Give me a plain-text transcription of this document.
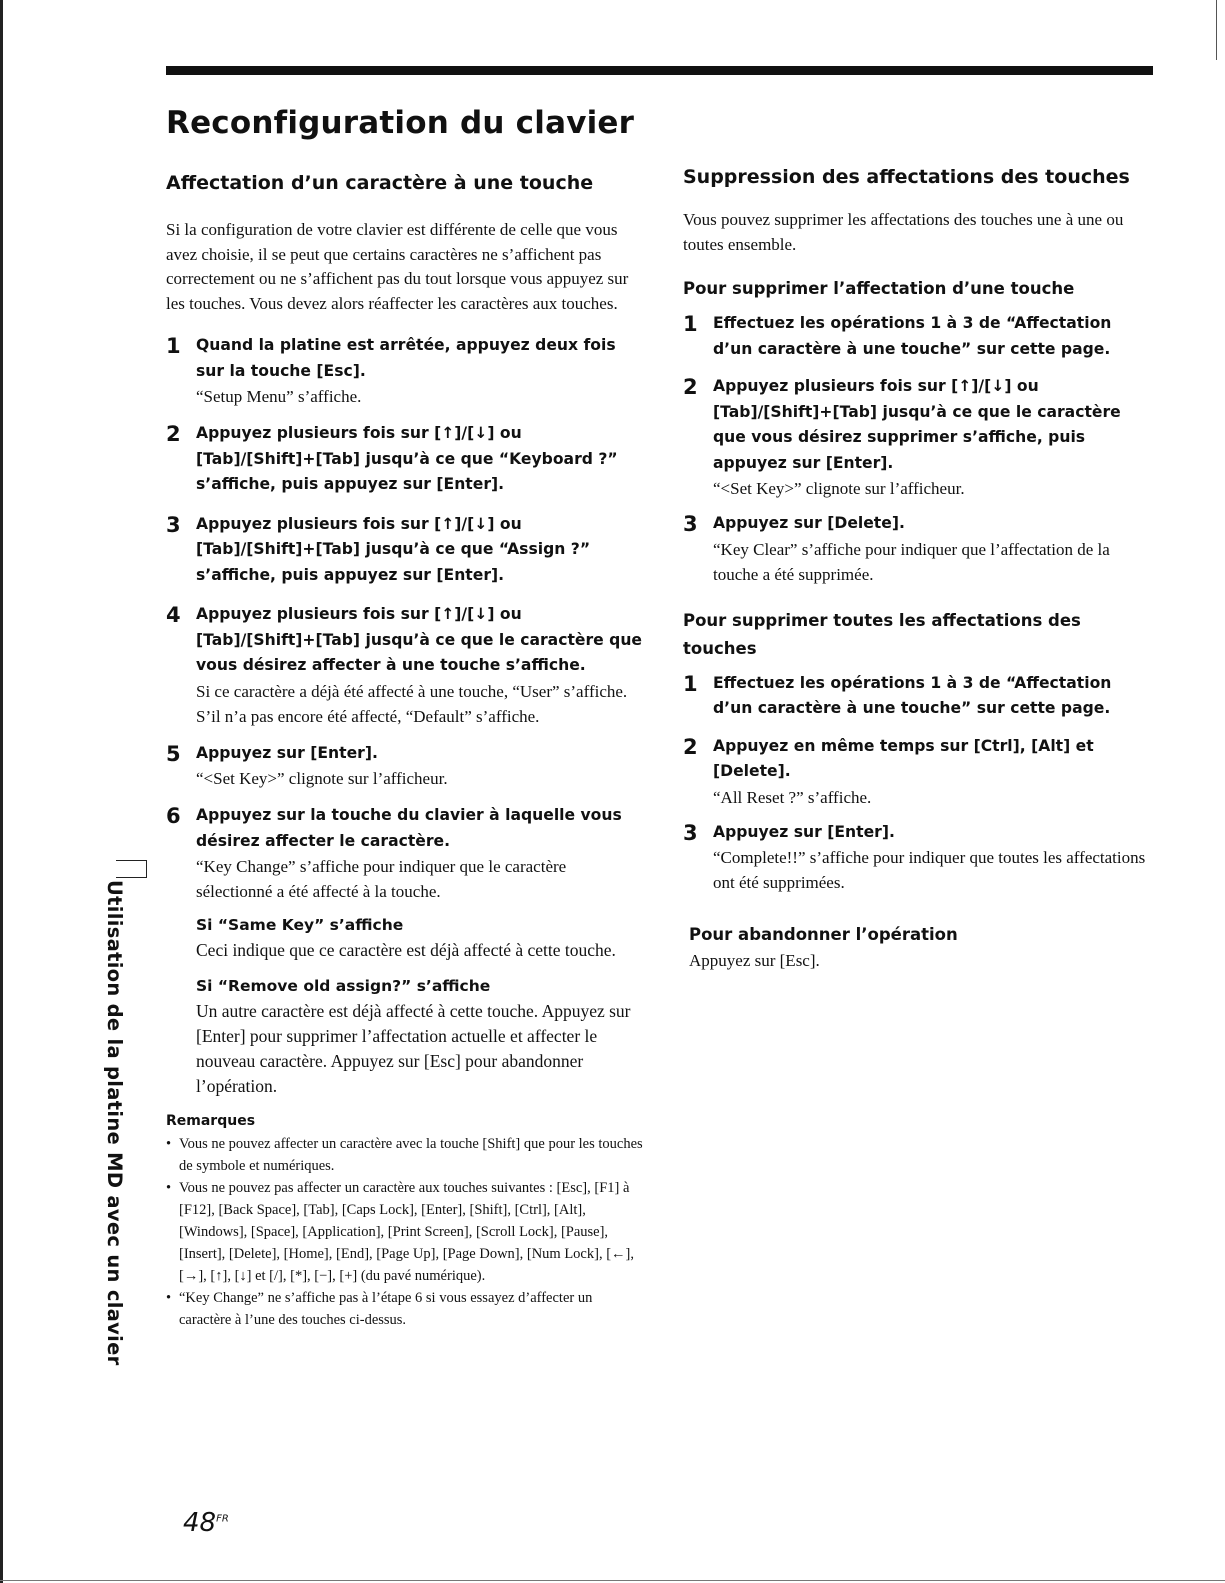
Reconfiguration du clavier
Affectation d’un caractère à une touche

Si la configuration de votre clavier est différente de celle que vous avez choisie, il se peut que certains caractères ne s’affichent pas correctement ou ne s’affichent pas du tout lorsque vous appuyez sur les touches. Vous devez alors réaffecter les caractères aux touches.

1 Quand la platine est arrêtée, appuyez deux fois sur la touche [Esc].

“Setup Menu” s’affiche.

2 Appuyez plusieurs fois sur [↑]/[↓] ou [Tab]/[Shift]+[Tab] jusqu’à ce que “Keyboard ?” s’affiche, puis appuyez sur [Enter].

3 Appuyez plusieurs fois sur [↑]/[↓] ou [Tab]/[Shift]+[Tab] jusqu’à ce que “Assign ?” s’affiche, puis appuyez sur [Enter].

4 Appuyez plusieurs fois sur [↑]/[↓] ou [Tab]/[Shift]+[Tab] jusqu’à ce que le caractère que vous désirez affecter à une touche s’affiche.

Si ce caractère a déjà été affecté à une touche, “User” s’affiche. S’il n’a pas encore été affecté, “Default” s’affiche.

5 Appuyez sur [Enter].

“<Set Key>” clignote sur l’afficheur.

6 Appuyez sur la touche du clavier à laquelle vous désirez affecter le caractère.

“Key Change” s’affiche pour indiquer que le caractère sélectionné a été affecté à la touche.

Si “Same Key” s’affiche

Ceci indique que ce caractère est déjà affecté à cette touche.

Si “Remove old assign?” s’affiche

Un autre caractère est déjà affecté à cette touche. Appuyez sur [Enter] pour supprimer l’affectation actuelle et affecter le nouveau caractère. Appuyez sur [Esc] pour abandonner l’opération.

Remarques

• Vous ne pouvez affecter un caractère avec la touche [Shift] que pour les touches de symbole et numériques.
• Vous ne pouvez pas affecter un caractère aux touches suivantes : [Esc], [F1] à [F12], [Back Space], [Tab], [Caps Lock], [Enter], [Shift], [Ctrl], [Alt], [Windows], [Space], [Application], [Print Screen], [Scroll Lock], [Pause], [Insert], [Delete], [Home], [End], [Page Up], [Page Down], [Num Lock], [←], [→], [↑], [↓] et [/], [*], [−], [+] (du pavé numérique).
• “Key Change” ne s’affiche pas à l’étape 6 si vous essayez d’affecter un caractère à l’une des touches ci-dessus.
Suppression des affectations des touches

Vous pouvez supprimer les affectations des touches une à une ou toutes ensemble.

Pour supprimer l’affectation d’une touche

1 Effectuez les opérations 1 à 3 de “Affectation d’un caractère à une touche” sur cette page.

2 Appuyez plusieurs fois sur [↑]/[↓] ou [Tab]/[Shift]+[Tab] jusqu’à ce que le caractère que vous désirez supprimer s’affiche, puis appuyez sur [Enter].

“<Set Key>” clignote sur l’afficheur.

3 Appuyez sur [Delete].

“Key Clear” s’affiche pour indiquer que l’affectation de la touche a été supprimée.

Pour supprimer toutes les affectations des touches

1 Effectuez les opérations 1 à 3 de “Affectation d’un caractère à une touche” sur cette page.

2 Appuyez en même temps sur [Ctrl], [Alt] et [Delete].

“All Reset ?” s’affiche.

3 Appuyez sur [Enter].

“Complete!!” s’affiche pour indiquer que toutes les affectations ont été supprimées.

Pour abandonner l’opération

Appuyez sur [Esc].

Utilisation de la platine MD avec un clavier
$48^{FR}$
